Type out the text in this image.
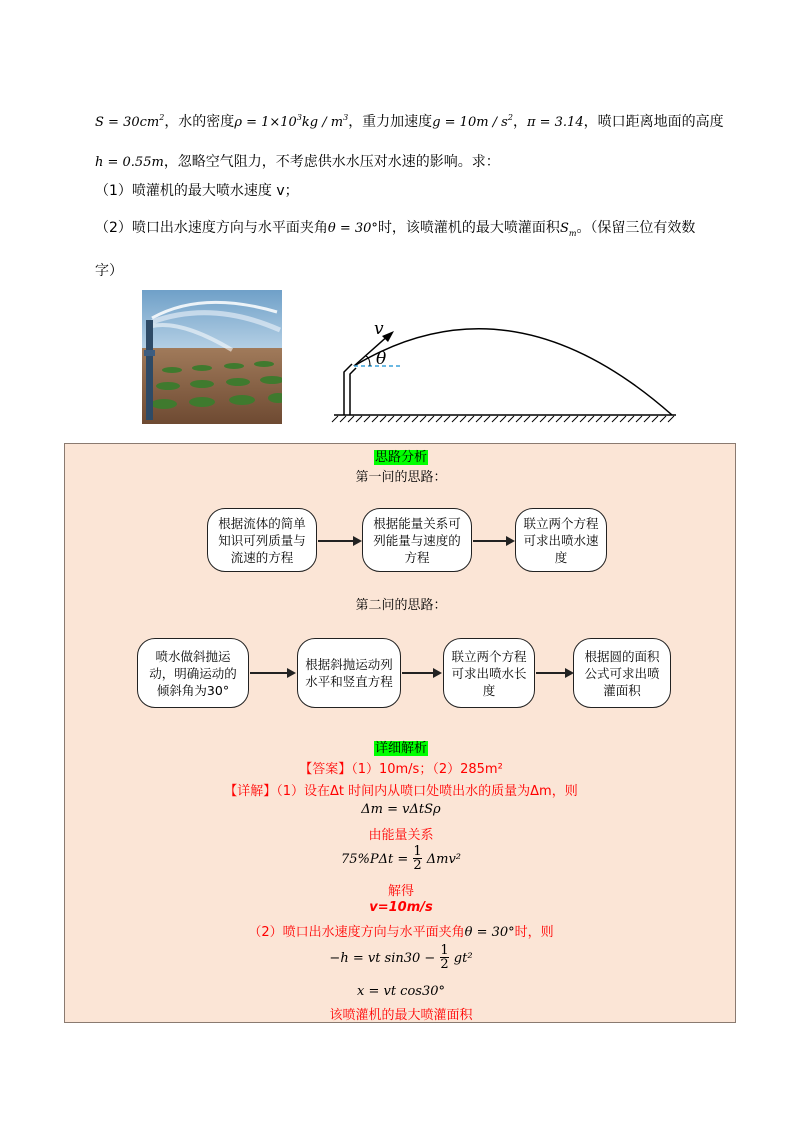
$S = 30cm^2$，水的密度$\rho = 1\times 10^3kg / m^3$，重力加速度$g = 10m / s^2$，π = 3.14，喷口距离地面的高度
h = 0.55m，忽略空气阻力，不考虑供水水压对水速的影响。求：
（1）喷灌机的最大喷水速度 v；
（2）喷口出水速度方向与水平面夹角θ = 30°时，该喷灌机的最大喷灌面积$S_m$。（保留三位有效数
字）
v
θ
思路分析
第一问的思路：
根据流体的简单知识可列质量与流速的方程
根据能量关系可列能量与速度的方程
联立两个方程可求出喷水速度
第二问的思路：
喷水做斜抛运动，明确运动的倾斜角为30°
根据斜抛运动列水平和竖直方程
联立两个方程可求出喷水长度
根据圆的面积公式可求出喷灌面积
详细解析
【答案】（1）10m/s；（2）285m²
【详解】（1）设在Δt 时间内从喷口处喷出水的质量为Δm，则
Δm = vΔtSρ
由能量关系
$75\%P\Delta t = \frac{1}{2} \Delta mv^2$
解得
v=10m/s
（2）喷口出水速度方向与水平面夹角θ = 30°时，则
−h = vt $\sin 30 - \frac{1}{2} gt^2$
x = vt cos30°
该喷灌机的最大喷灌面积
